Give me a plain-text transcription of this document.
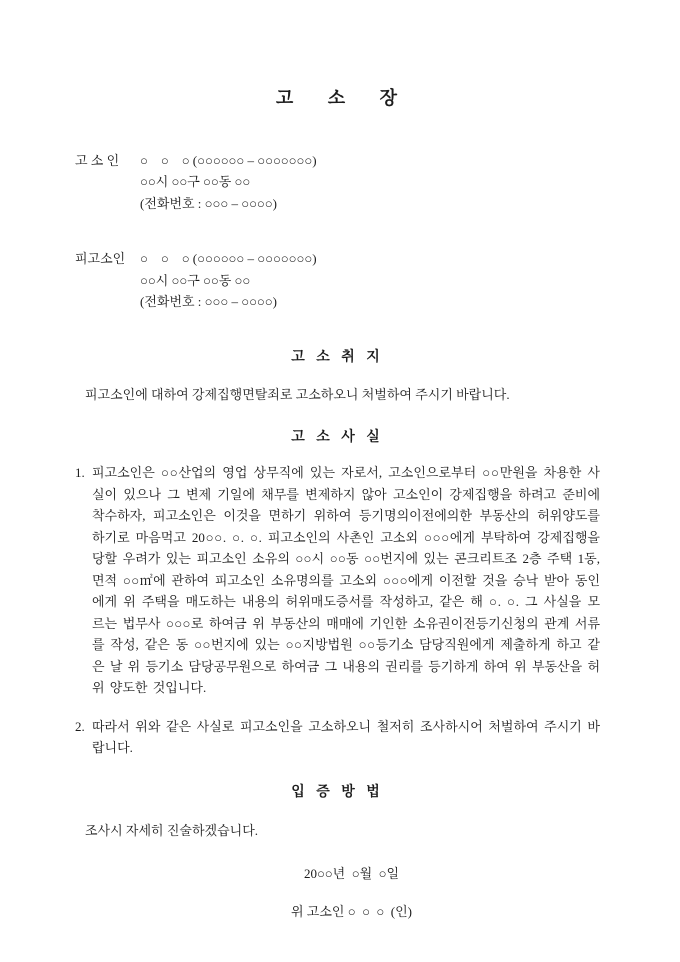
고     소     장
고 소 인	○    ○    ○ (○○○○○○ – ○○○○○○○)
○○시 ○○구 ○○동 ○○
(전화번호 : ○○○ – ○○○○)
피고소인	○    ○    ○ (○○○○○○ – ○○○○○○○)
○○시 ○○구 ○○동 ○○
(전화번호 : ○○○ – ○○○○)
고 소 취 지

피고소인에 대하여 강제집행면탈죄로 고소하오니 처벌하여 주시기 바랍니다.

고 소 사 실
1. 피고소인은 ○○산업의 영업 상무직에 있는 자로서, 고소인으로부터 ○○만원을 차용한 사실이 있으나 그 변제 기일에 채무를 변제하지 않아 고소인이 강제집행을 하려고 준비에 착수하자, 피고소인은 이것을 면하기 위하여 등기명의이전에의한 부동산의 허위양도를 하기로 마음먹고 20○○. ○. ○. 피고소인의 사촌인 고소외 ○○○에게 부탁하여 강제집행을 당할 우려가 있는 피고소인 소유의 ○○시 ○○동 ○○번지에 있는 콘크리트조 2층 주택 1동, 면적 ○○㎡에 관하여 피고소인 소유명의를 고소외 ○○○에게 이전할 것을 승낙 받아 동인에게 위 주택을 매도하는 내용의 허위매도증서를 작성하고, 같은 해 ○. ○. 그 사실을 모르는 법무사 ○○○로 하여금 위 부동산의 매매에 기인한 소유권이전등기신청의 관계 서류를 작성, 같은 동 ○○번지에 있는 ○○지방법원 ○○등기소 담당직원에게 제출하게 하고 같은 날 위 등기소 담당공무원으로 하여금 그 내용의 권리를 등기하게 하여 위 부동산을 허위 양도한 것입니다.
2. 따라서 위와 같은 사실로 피고소인을 고소하오니 철저히 조사하시어 처벌하여 주시기 바랍니다.
입 증 방 법

조사시 자세히 진술하겠습니다.

20○○년  ○월  ○일

위 고소인 ○  ○  ○  (인)
